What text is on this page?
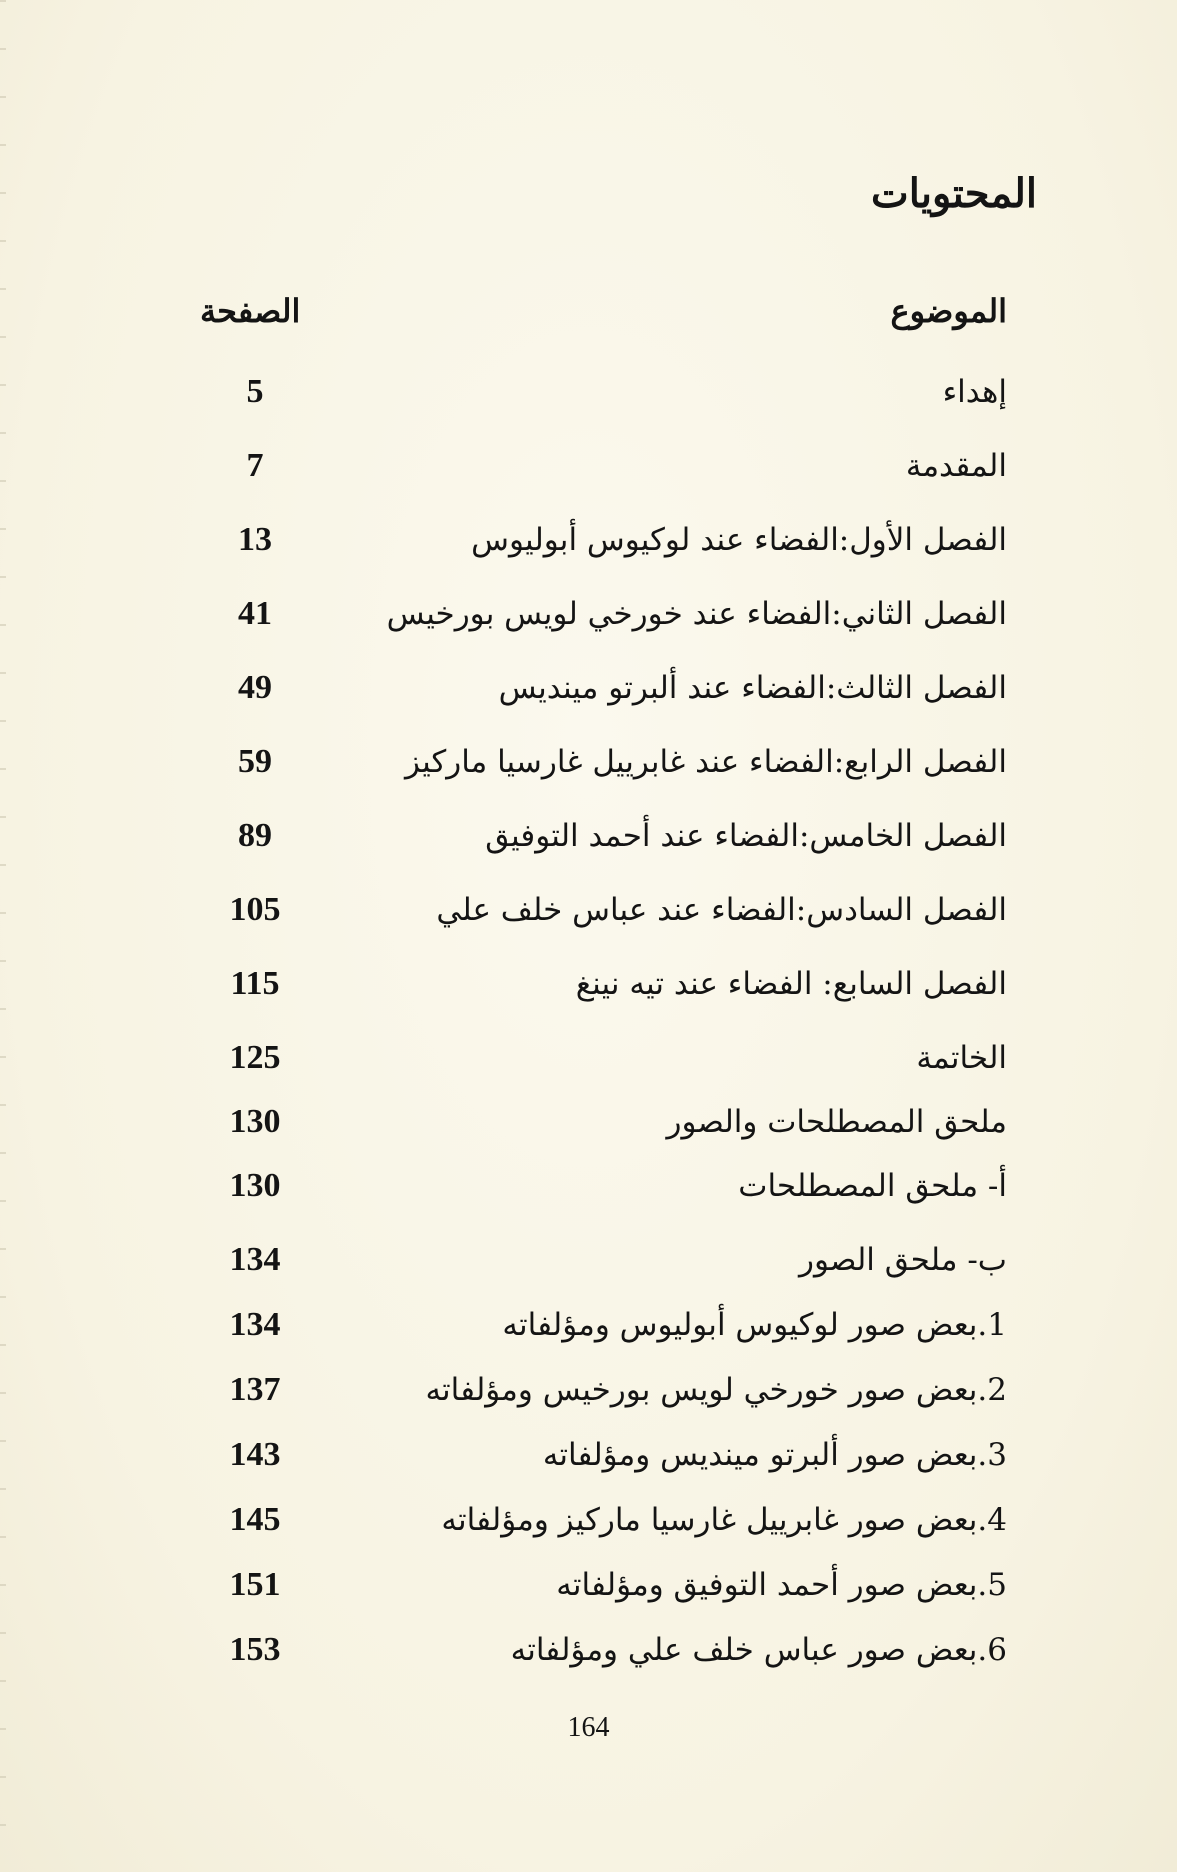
المحتويات
الموضوع
الصفحة
إهداء
5
المقدمة
7
الفصل الأول:الفضاء عند لوكيوس أبوليوس
13
الفصل الثاني:الفضاء عند خورخي لويس بورخيس
41
الفصل الثالث:الفضاء عند ألبرتو مينديس
49
الفصل الرابع:الفضاء عند غابرييل غارسيا ماركيز
59
الفصل الخامس:الفضاء عند أحمد التوفيق
89
الفصل السادس:الفضاء عند عباس خلف علي
105
الفصل السابع: الفضاء عند تيه نينغ
115
الخاتمة
125
ملحق المصطلحات والصور
130
أ- ملحق المصطلحات
130
ب- ملحق الصور
134
1.بعض صور لوكيوس أبوليوس ومؤلفاته
134
2.بعض صور خورخي لويس بورخيس ومؤلفاته
137
3.بعض صور ألبرتو مينديس ومؤلفاته
143
4.بعض صور غابرييل غارسيا ماركيز ومؤلفاته
145
5.بعض صور أحمد التوفيق ومؤلفاته
151
6.بعض صور عباس خلف علي ومؤلفاته
153
164
